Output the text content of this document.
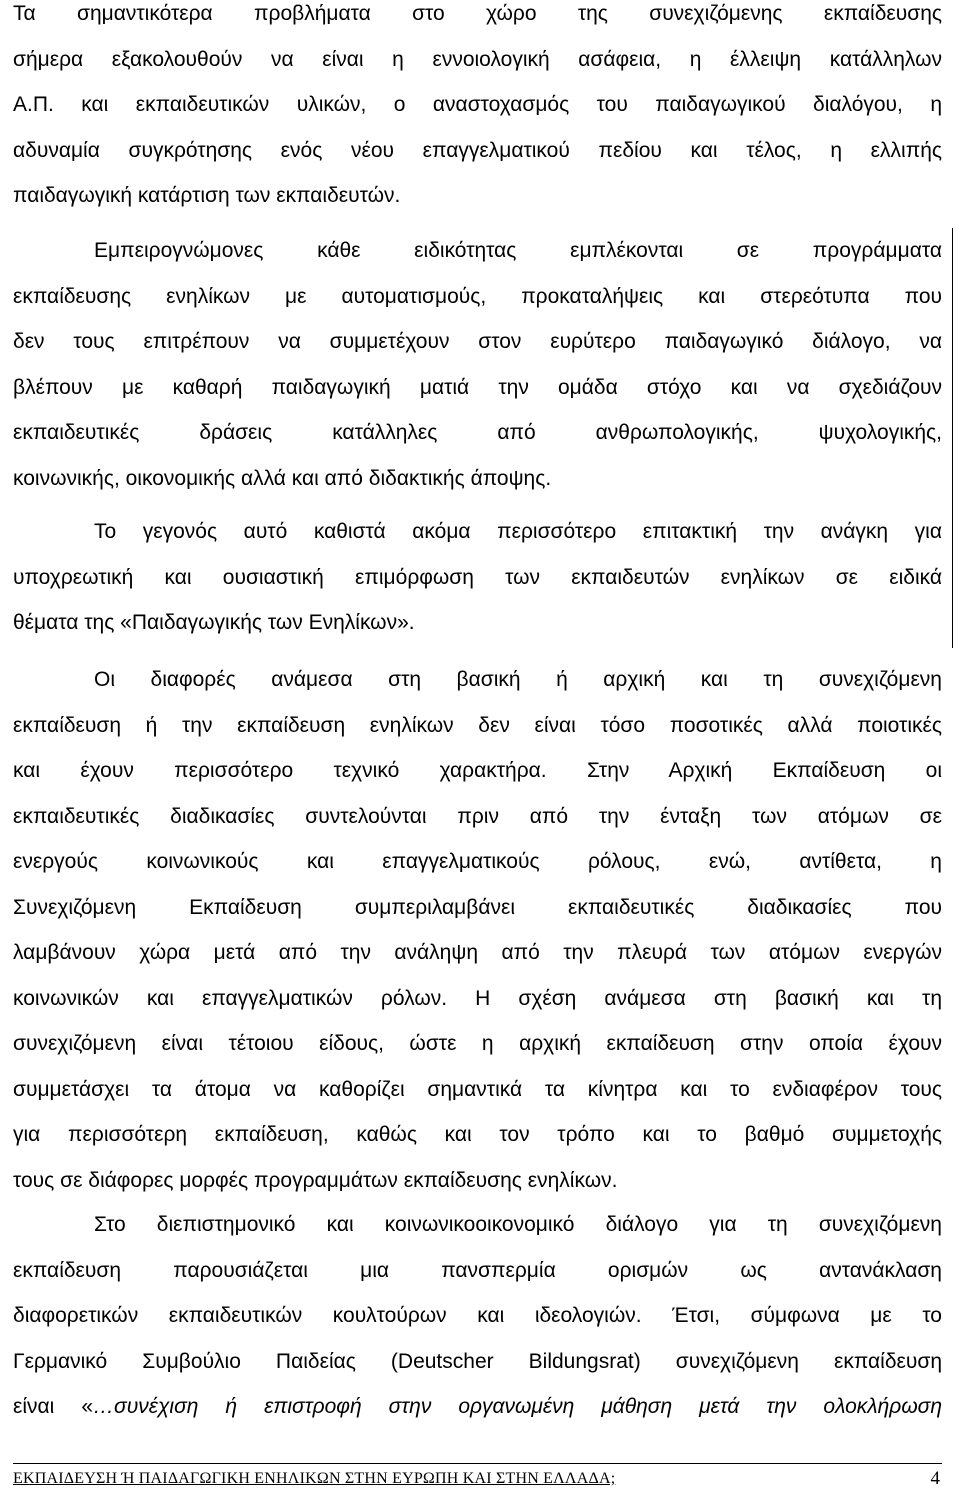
Τα σημαντικότερα προβλήματα στο χώρο της συνεχιζόμενης εκπαίδευσης
σήμερα εξακολουθούν να είναι η εννοιολογική ασάφεια, η έλλειψη κατάλληλων
Α.Π. και εκπαιδευτικών υλικών, ο αναστοχασμός του παιδαγωγικού διαλόγου, η
αδυναμία συγκρότησης ενός νέου επαγγελματικού πεδίου και τέλος, η ελλιπής
παιδαγωγική κατάρτιση των εκπαιδευτών.

Εμπειρογνώμονες κάθε ειδικότητας εμπλέκονται σε προγράμματα
εκπαίδευσης ενηλίκων με αυτοματισμούς, προκαταλήψεις και στερεότυπα που
δεν τους επιτρέπουν να συμμετέχουν στον ευρύτερο παιδαγωγικό διάλογο, να
βλέπουν με καθαρή παιδαγωγική ματιά την ομάδα στόχο και να σχεδιάζουν
εκπαιδευτικές δράσεις κατάλληλες από ανθρωπολογικής, ψυχολογικής,
κοινωνικής, οικονομικής αλλά και από διδακτικής άποψης.

Το γεγονός αυτό καθιστά ακόμα περισσότερο επιτακτική την ανάγκη για
υποχρεωτική και ουσιαστική επιμόρφωση των εκπαιδευτών ενηλίκων σε ειδικά
θέματα της «Παιδαγωγικής των Ενηλίκων».

Οι διαφορές ανάμεσα στη βασική ή αρχική και τη συνεχιζόμενη
εκπαίδευση ή την εκπαίδευση ενηλίκων δεν είναι τόσο ποσοτικές αλλά ποιοτικές
και έχουν περισσότερο τεχνικό χαρακτήρα. Στην Αρχική Εκπαίδευση οι
εκπαιδευτικές διαδικασίες συντελούνται πριν από την ένταξη των ατόμων σε
ενεργούς κοινωνικούς και επαγγελματικούς ρόλους, ενώ, αντίθετα, η
Συνεχιζόμενη Εκπαίδευση συμπεριλαμβάνει εκπαιδευτικές διαδικασίες που
λαμβάνουν χώρα μετά από την ανάληψη από την πλευρά των ατόμων ενεργών
κοινωνικών και επαγγελματικών ρόλων. Η σχέση ανάμεσα στη βασική και τη
συνεχιζόμενη είναι τέτοιου είδους, ώστε η αρχική εκπαίδευση στην οποία έχουν
συμμετάσχει τα άτομα να καθορίζει σημαντικά τα κίνητρα και το ενδιαφέρον τους
για περισσότερη εκπαίδευση, καθώς και τον τρόπο και το βαθμό συμμετοχής
τους σε διάφορες μορφές προγραμμάτων εκπαίδευσης ενηλίκων.

Στο διεπιστημονικό και κοινωνικοοικονομικό διάλογο για τη συνεχιζόμενη
εκπαίδευση παρουσιάζεται μια πανσπερμία ορισμών ως αντανάκλαση
διαφορετικών εκπαιδευτικών κουλτούρων και ιδεολογιών. Έτσι, σύμφωνα με το
Γερμανικό Συμβούλιο Παιδείας (Deutscher Bildungsrat) συνεχιζόμενη εκπαίδευση
είναι «…συνέχιση ή επιστροφή στην οργανωμένη μάθηση μετά την ολοκλήρωση

ΕΚΠΑΙΔΕΥΣΗ Ή ΠΑΙΔΑΓΩΓΙΚΗ ΕΝΗΛΙΚΩΝ ΣΤΗΝ ΕΥΡΩΠΗ ΚΑΙ ΣΤΗΝ ΕΛΛΑΔΑ;	4
